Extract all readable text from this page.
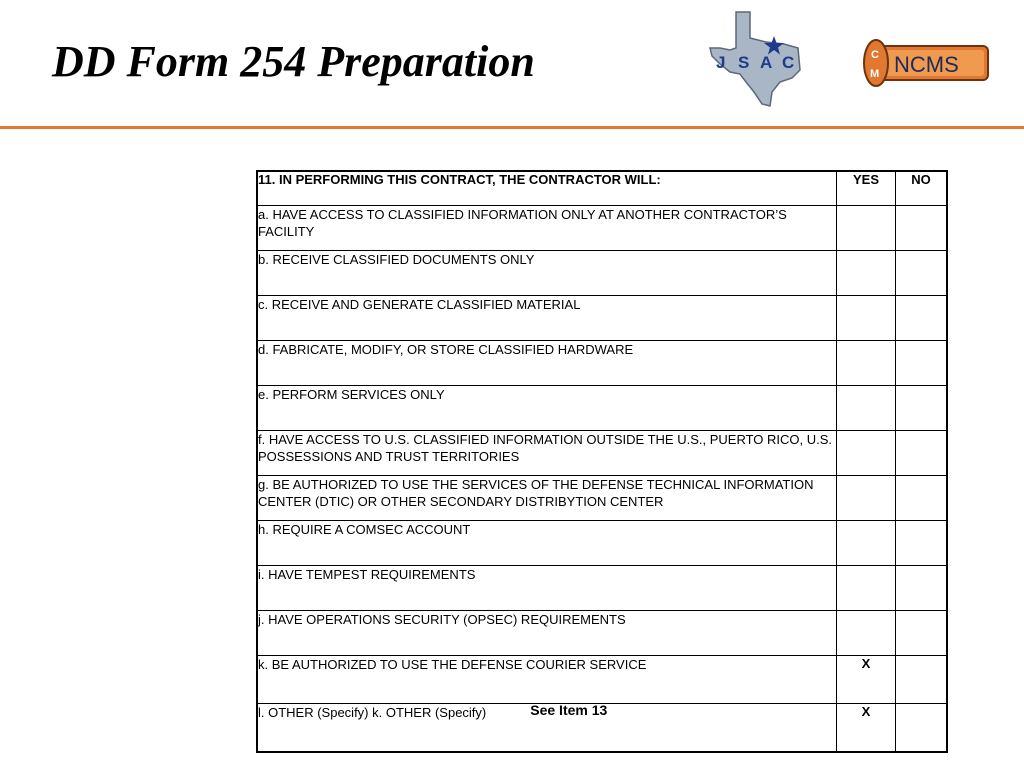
DD Form 254 Preparation	J S A C	C
M NCMS
11. IN PERFORMING THIS CONTRACT, THE CONTRACTOR WILL:	YES	NO
a. HAVE ACCESS TO CLASSIFIED INFORMATION ONLY AT ANOTHER CONTRACTOR’S FACILITY		
b. RECEIVE CLASSIFIED DOCUMENTS ONLY		
c. RECEIVE AND GENERATE CLASSIFIED MATERIAL		
d. FABRICATE, MODIFY, OR STORE CLASSIFIED HARDWARE		
e. PERFORM SERVICES ONLY		
f. HAVE ACCESS TO U.S. CLASSIFIED INFORMATION OUTSIDE THE U.S., PUERTO RICO, U.S. POSSESSIONS AND TRUST TERRITORIES		
g. BE AUTHORIZED TO USE THE SERVICES OF THE DEFENSE TECHNICAL INFORMATION CENTER (DTIC) OR OTHER SECONDARY DISTRIBYTION CENTER		
h. REQUIRE A COMSEC ACCOUNT		
i. HAVE TEMPEST REQUIREMENTS		
j. HAVE OPERATIONS SECURITY (OPSEC) REQUIREMENTS		
k. BE AUTHORIZED TO USE THE DEFENSE COURIER SERVICE	X	
l. OTHER (Specify) k. OTHER (Specify) See Item 13	X	
